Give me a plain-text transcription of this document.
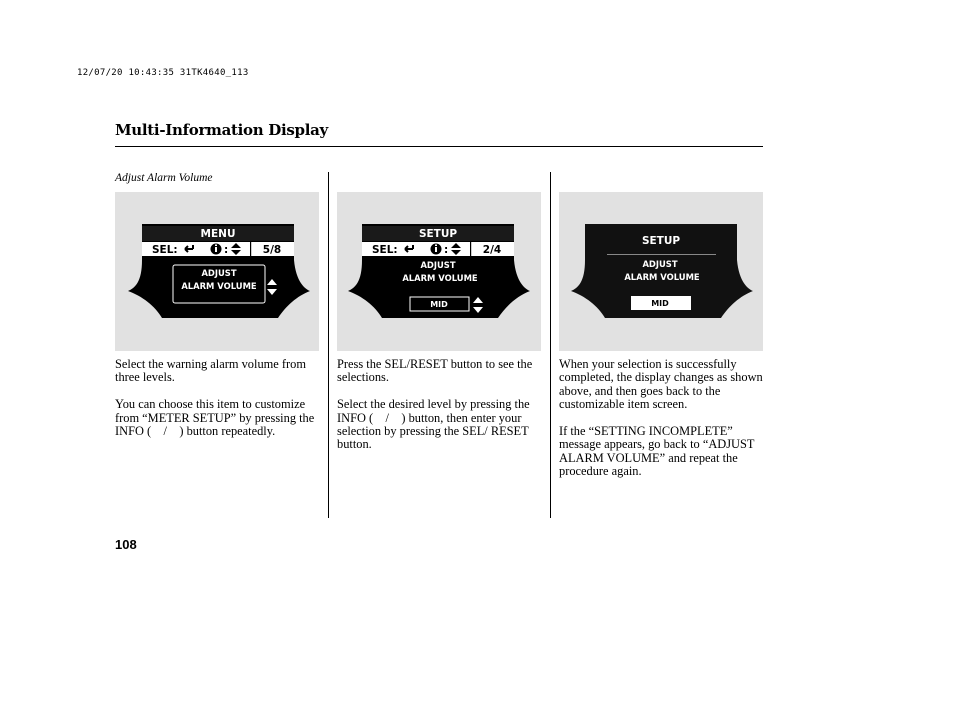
12/07/20 10:43:35 31TK4640_113
Multi-Information Display
Adjust Alarm Volume
MENU
SEL:	:	5/8
ADJUST
ALARM VOLUME
SETUP
SEL:	:	2/4
ADJUST
ALARM VOLUME
MID
SETUP
ADJUST
ALARM VOLUME
MID

Select the warning alarm volume from three levels.

You can choose this item to customize from “METER SETUP” by pressing the INFO ( / ) button repeatedly.

Press the SEL/RESET button to see the selections.

Select the desired level by pressing the INFO ( / ) button, then enter your selection by pressing the SEL/ RESET button.

When your selection is successfully completed, the display changes as shown above, and then goes back to the customizable item screen.

If the “SETTING INCOMPLETE” message appears, go back to “ADJUST ALARM VOLUME” and repeat the procedure again.

108
